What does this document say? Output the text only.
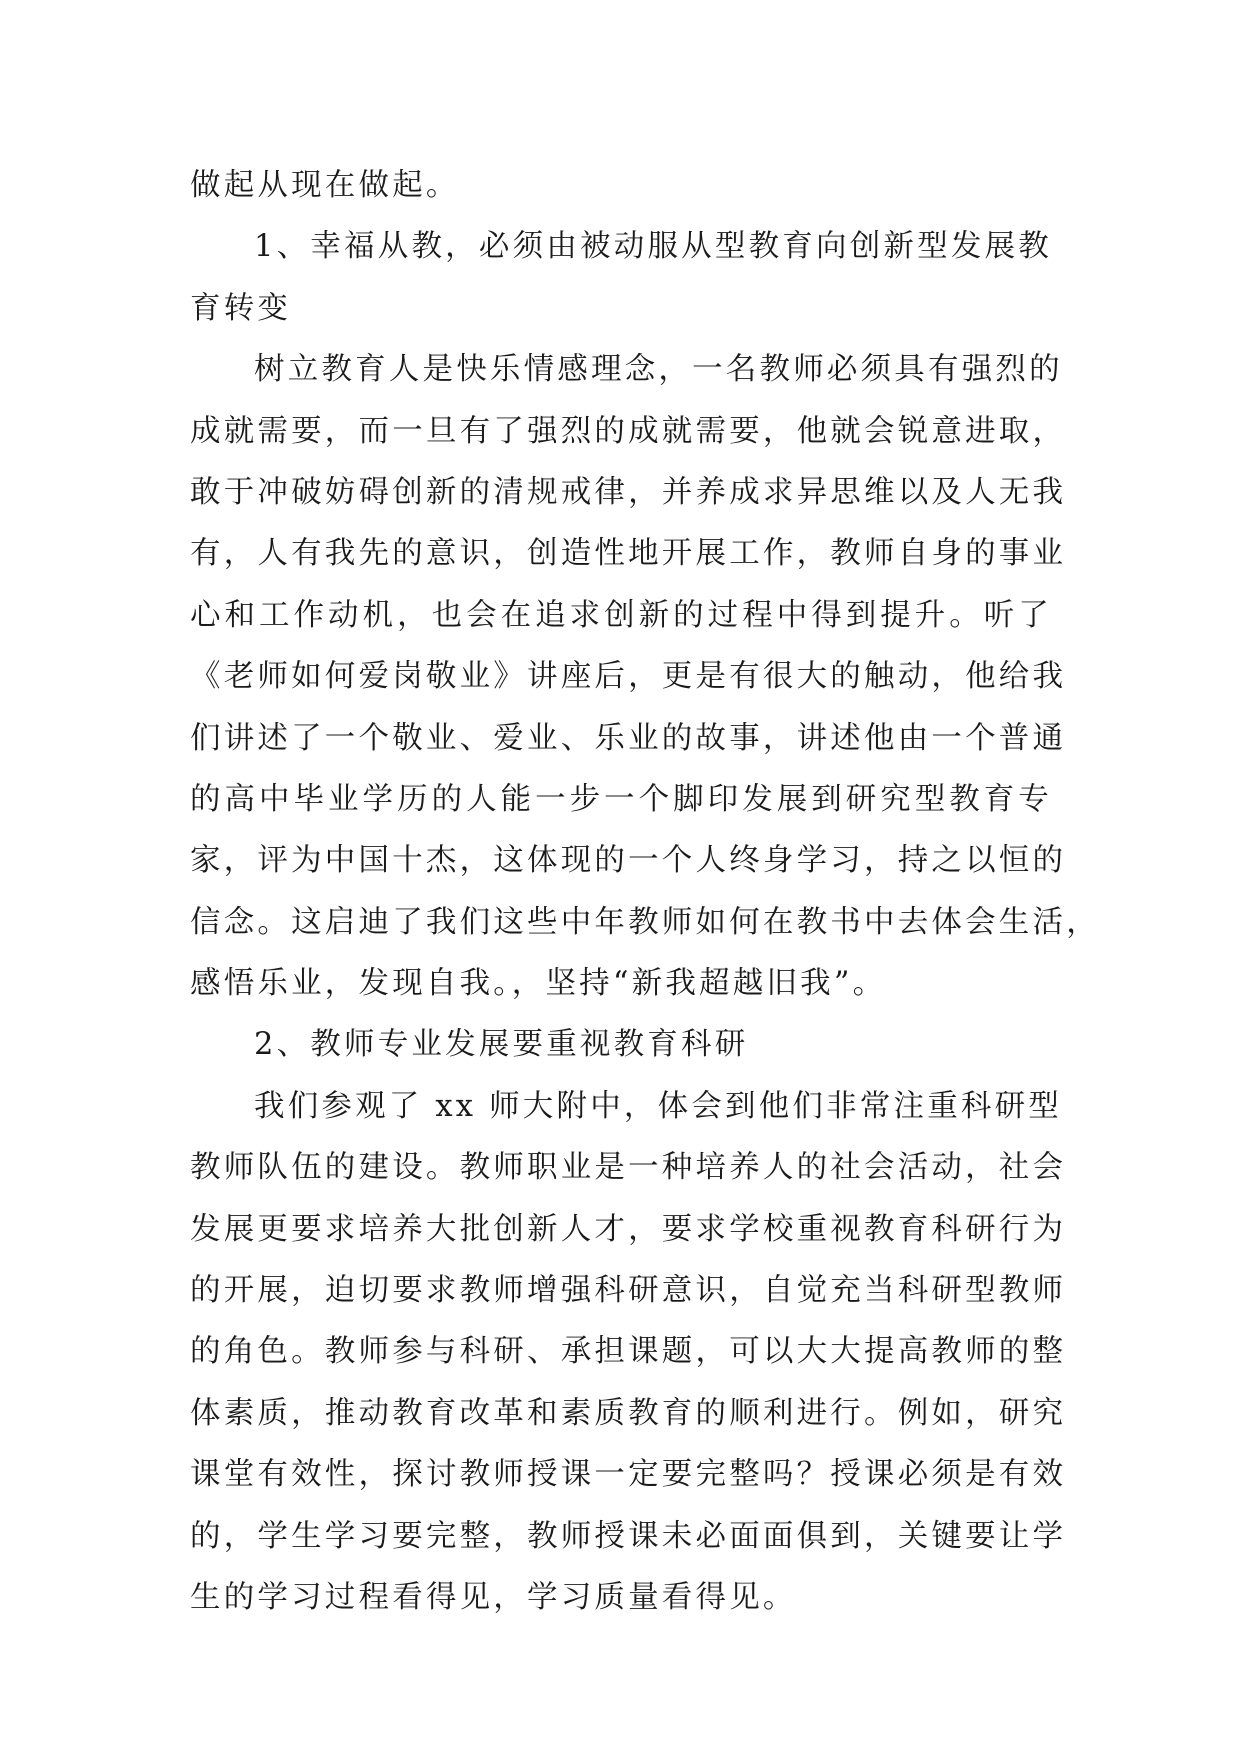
做起从现在做起。
1、幸福从教，必须由被动服从型教育向创新型发展教
育转变
树立教育人是快乐情感理念，一名教师必须具有强烈的
成就需要，而一旦有了强烈的成就需要，他就会锐意进取，
敢于冲破妨碍创新的清规戒律，并养成求异思维以及人无我
有，人有我先的意识，创造性地开展工作，教师自身的事业
心和工作动机，也会在追求创新的过程中得到提升。听了
《老师如何爱岗敬业》讲座后，更是有很大的触动，他给我
们讲述了一个敬业、爱业、乐业的故事，讲述他由一个普通
的高中毕业学历的人能一步一个脚印发展到研究型教育专
家，评为中国十杰，这体现的一个人终身学习，持之以恒的
信念。这启迪了我们这些中年教师如何在教书中去体会生活，
感悟乐业，发现自我。，坚持“新我超越旧我”。
2、教师专业发展要重视教育科研
我们参观了 xx 师大附中，体会到他们非常注重科研型
教师队伍的建设。教师职业是一种培养人的社会活动，社会
发展更要求培养大批创新人才，要求学校重视教育科研行为
的开展，迫切要求教师增强科研意识，自觉充当科研型教师
的角色。教师参与科研、承担课题，可以大大提高教师的整
体素质，推动教育改革和素质教育的顺利进行。例如，研究
课堂有效性，探讨教师授课一定要完整吗？授课必须是有效
的，学生学习要完整，教师授课未必面面俱到，关键要让学
生的学习过程看得见，学习质量看得见。
